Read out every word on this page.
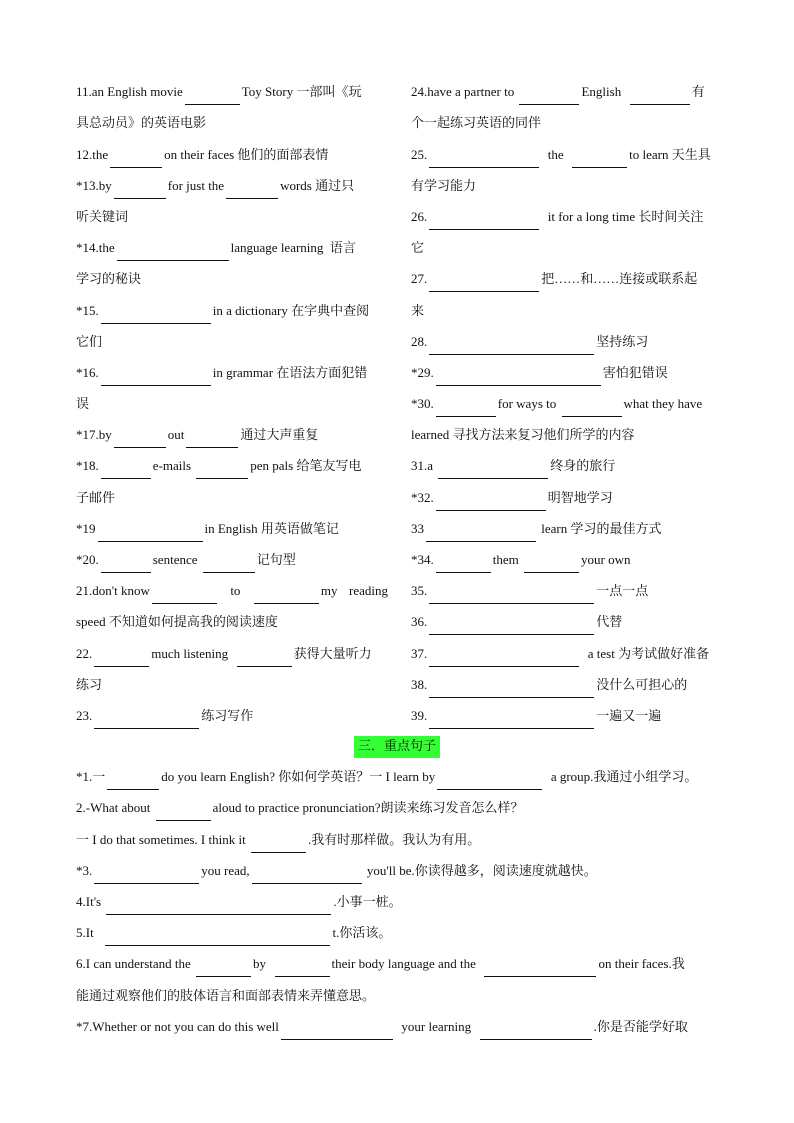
11.an English movie	Toy Story 一部叫《玩
具总动员》的英语电影
12.the	on their faces 他们的面部表情
*13.by	for just the	words 通过只
听关键词
*14.the	language learning
语言
学习的秘诀
*15.	in a dictionary 在字典中查阅
它们
*16.	in grammar 在语法方面犯错
误
*17.by	out	通过大声重复
*18.	e-mails
	pen pals 给笔友写电
子邮件
*19	in English 用英语做笔记
*20.	sentence
	记句型
21.don't know	to	my reading
speed 不知道如何提高我的阅读速度
22.	much listening
	获得大量听力
练习
23.	练习写作
24.have a partner to
	English
	有
个一起练习英语的同伴
25.
	the
	to learn 天生具
有学习能力
26.
	it for a long time 长时间关注
它
27.	把……和……连接或联系起
来
28.	坚持练习
*29.	害怕犯错误
*30.	for ways to
	what they have
learned 寻找方法来复习他们所学的内容
31.a
	终身的旅行
*32.	明智地学习
33
	learn 学习的最佳方式
*34.	them
	your own
35.	一点一点
36.	代替
37.
	a test 为考试做好准备
38.	没什么可担心的
39.	一遍又一遍
三．重点句子
*1.一	do you learn English? 你如何学英语？一 I learn by
	a group.我通过小组学习。
2.-What about
	aloud to practice pronunciation?朗读来练习发音怎么样？
一 I do that sometimes. I think it
	.我有时那样做。我认为有用。
*3.	you read,
	you'll be.你读得越多，阅读速度就越快。
4.It's
	.小事一桩。
5.It
	t.你活该。
6.I can understand the
	by
	their body language and the
	on their faces.我
能通过观察他们的肢体语言和面部表情来弄懂意思。
*7.Whether or not you can do this well
	your learning
	.你是否能学好取
